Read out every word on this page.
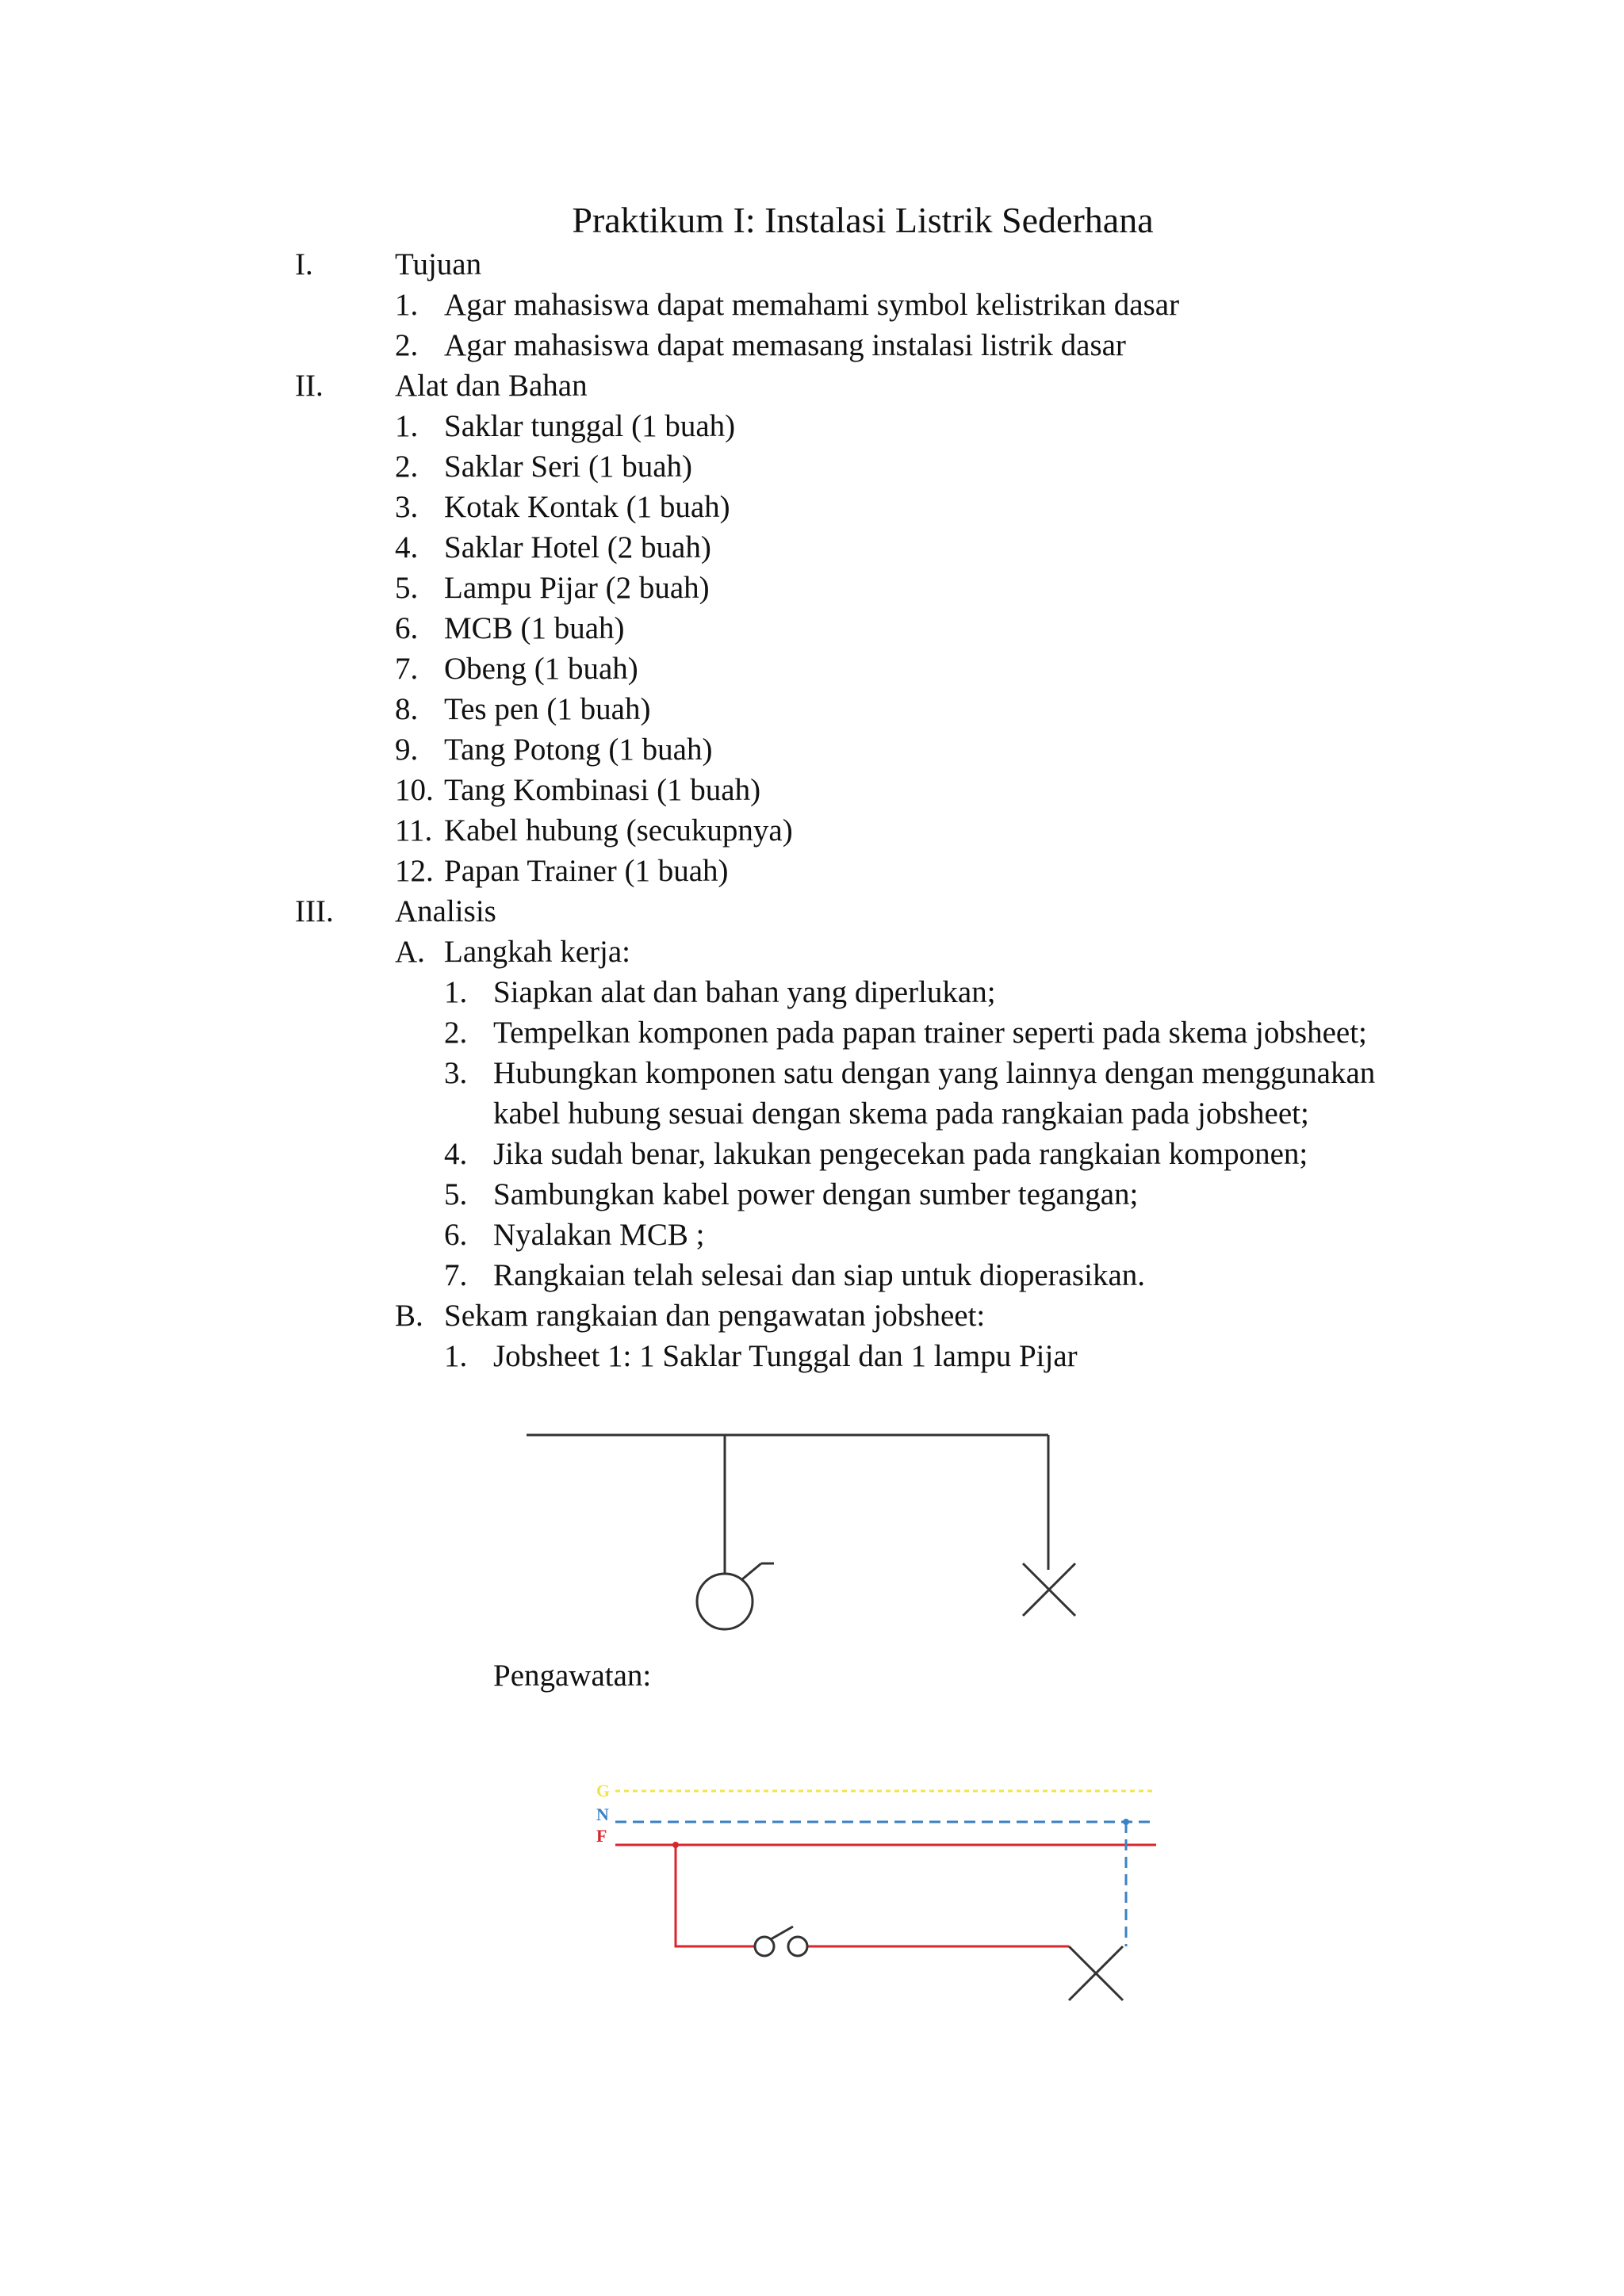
Praktikum I: Instalasi Listrik Sederhana
I.	Tujuan
1. Agar mahasiswa dapat memahami symbol kelistrikan dasar
2. Agar mahasiswa dapat memasang instalasi listrik dasar
II. Alat dan Bahan
1. Saklar tunggal (1 buah)
2. Saklar Seri (1 buah)
3. Kotak Kontak (1 buah)
4. Saklar Hotel (2 buah)
5. Lampu Pijar (2 buah)
6. MCB (1 buah)
7. Obeng (1 buah)
8. Tes pen (1 buah)
9. Tang Potong (1 buah)
10. Tang Kombinasi (1 buah)
11. Kabel hubung (secukupnya)
12. Papan Trainer (1 buah)
III. Analisis
A. Langkah kerja:
1. Siapkan alat dan bahan yang diperlukan;
2. Tempelkan komponen pada papan trainer seperti pada skema jobsheet;
3. Hubungkan komponen satu dengan yang lainnya dengan menggunakan
kabel hubung sesuai dengan skema pada rangkaian pada jobsheet;
4. Jika sudah benar, lakukan pengecekan pada rangkaian komponen;
5. Sambungkan kabel power dengan sumber tegangan;
6. Nyalakan MCB ;
7. Rangkaian telah selesai dan siap untuk dioperasikan.
B. Sekam rangkaian dan pengawatan jobsheet:
1. Jobsheet 1: 1 Saklar Tunggal dan 1 lampu Pijar
Pengawatan:
G
N
F
